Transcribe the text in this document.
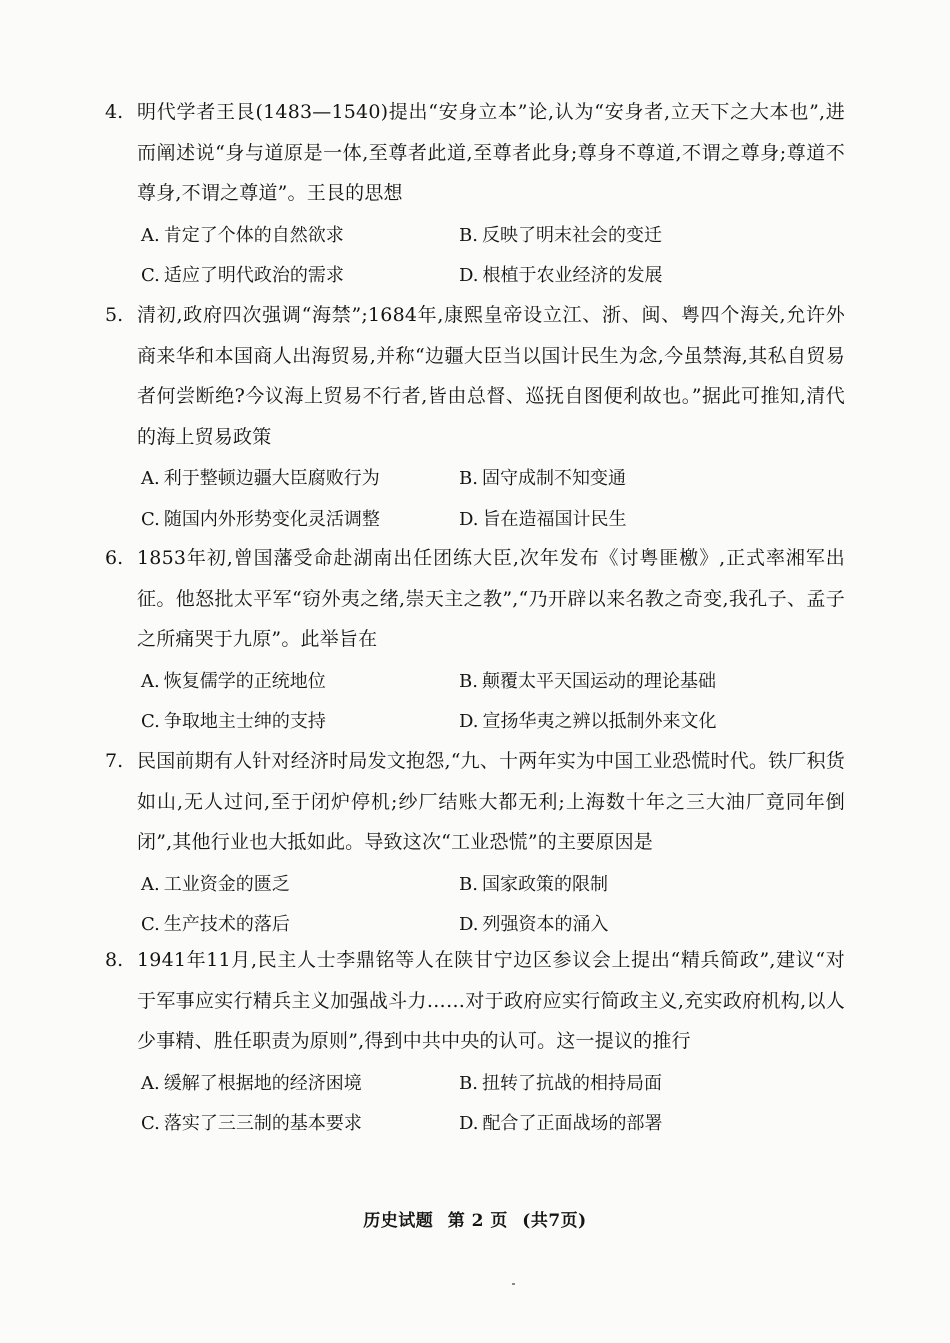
4. 明代学者王艮(1483—1540)提出“安身立本”论,认为“安身者,立天下之大本也”,进而阐述说“身与道原是一体,至尊者此道,至尊者此身;尊身不尊道,不谓之尊身;尊道不尊身,不谓之尊道”。王艮的思想

A. 肯定了个体的自然欲求	B. 反映了明末社会的变迁
C. 适应了明代政治的需求	D. 根植于农业经济的发展

5. 清初,政府四次强调“海禁”;1684年,康熙皇帝设立江、浙、闽、粤四个海关,允许外商来华和本国商人出海贸易,并称“边疆大臣当以国计民生为念,今虽禁海,其私自贸易者何尝断绝?今议海上贸易不行者,皆由总督、巡抚自图便利故也。”据此可推知,清代的海上贸易政策

A. 利于整顿边疆大臣腐败行为	B. 固守成制不知变通
C. 随国内外形势变化灵活调整	D. 旨在造福国计民生

6. 1853年初,曾国藩受命赴湖南出任团练大臣,次年发布《讨粤匪檄》,正式率湘军出征。他怒批太平军“窃外夷之绪,崇天主之教”,“乃开辟以来名教之奇变,我孔子、孟子之所痛哭于九原”。此举旨在

A. 恢复儒学的正统地位	B. 颠覆太平天国运动的理论基础
C. 争取地主士绅的支持	D. 宣扬华夷之辨以抵制外来文化

7. 民国前期有人针对经济时局发文抱怨,“九、十两年实为中国工业恐慌时代。铁厂积货如山,无人过问,至于闭炉停机;纱厂结账大都无利;上海数十年之三大油厂竟同年倒闭”,其他行业也大抵如此。导致这次“工业恐慌”的主要原因是

A. 工业资金的匮乏	B. 国家政策的限制
C. 生产技术的落后	D. 列强资本的涌入

8. 1941年11月,民主人士李鼎铭等人在陕甘宁边区参议会上提出“精兵简政”,建议“对于军事应实行精兵主义加强战斗力……对于政府应实行简政主义,充实政府机构,以人少事精、胜任职责为原则”,得到中共中央的认可。这一提议的推行

A. 缓解了根据地的经济困境	B. 扭转了抗战的相持局面
C. 落实了三三制的基本要求	D. 配合了正面战场的部署
历史试题 第 2 页 (共7页)
